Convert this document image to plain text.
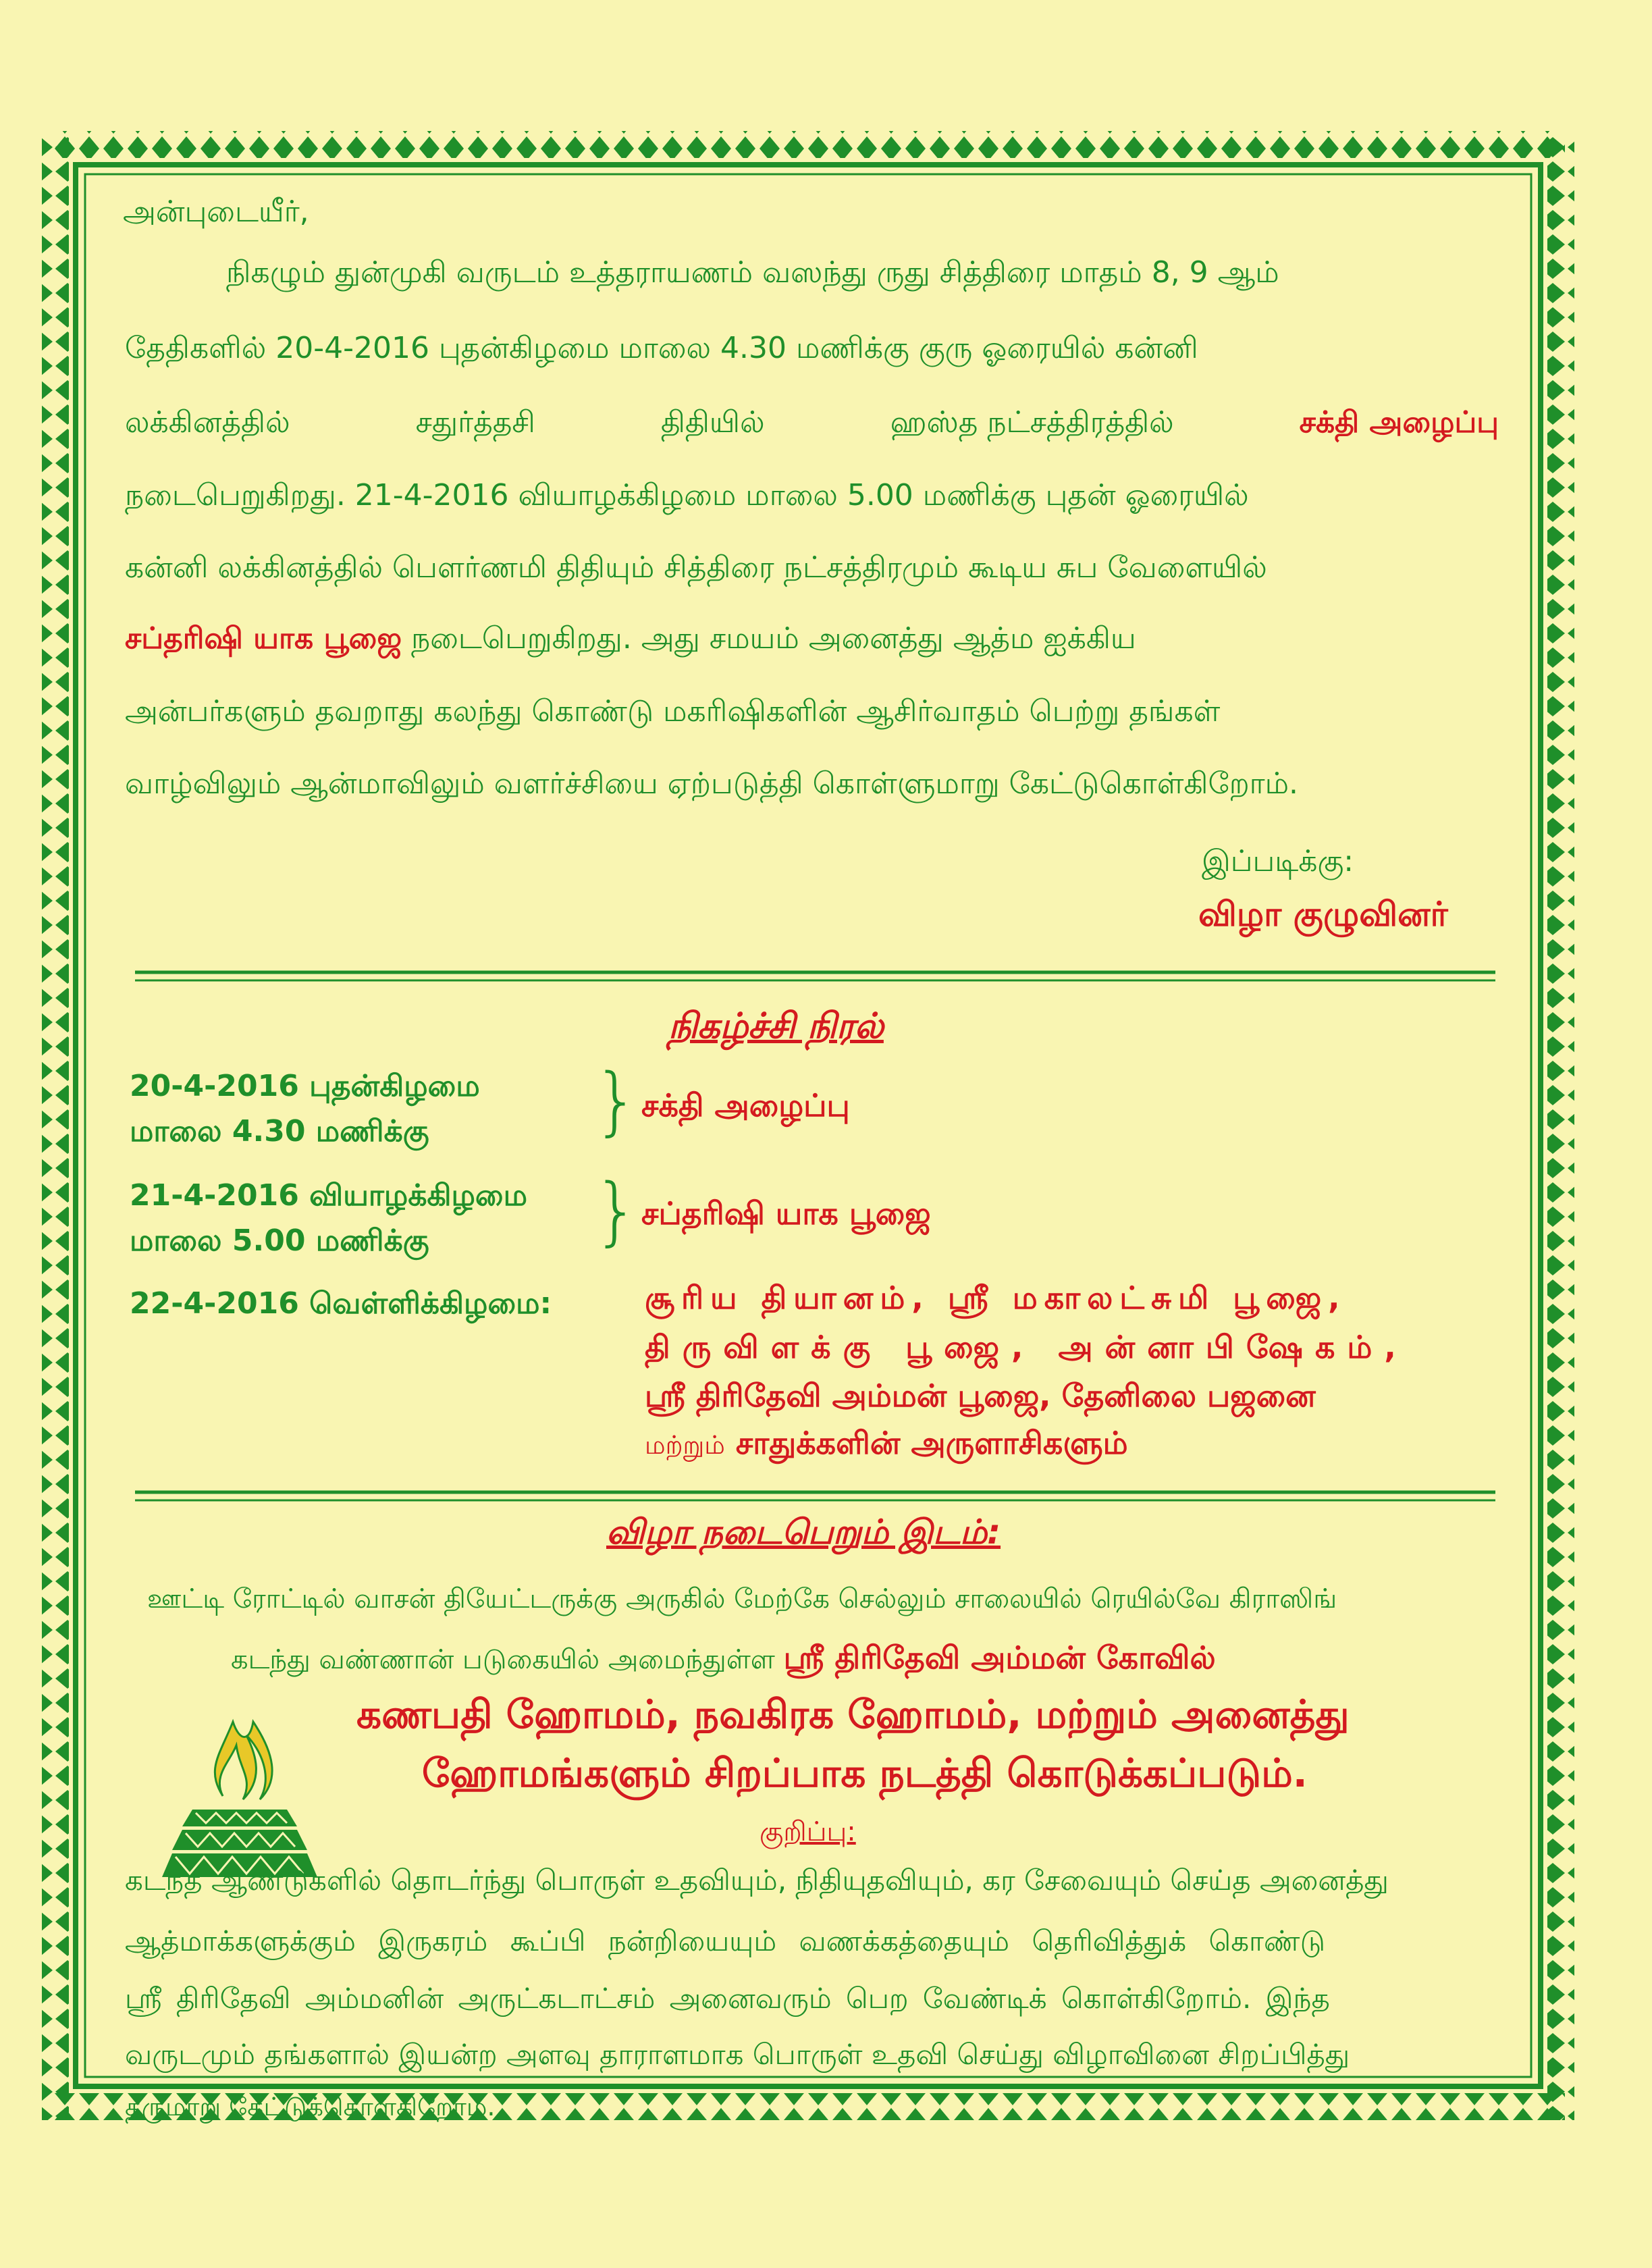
அன்புடையீர்,
நிகழும் துன்முகி வருடம் உத்தராயணம் வஸந்து ருது சித்திரை மாதம் 8, 9 ஆம்
தேதிகளில் 20-4-2016 புதன்கிழமை மாலை 4.30 மணிக்கு குரு ஓரையில் கன்னி
லக்கினத்தில்	சதுர்த்தசி	திதியில்	ஹஸ்த நட்சத்திரத்தில்	சக்தி அழைப்பு
நடைபெறுகிறது. 21-4-2016 வியாழக்கிழமை மாலை 5.00 மணிக்கு புதன் ஓரையில்
கன்னி லக்கினத்தில் பௌர்ணமி திதியும் சித்திரை நட்சத்திரமும் கூடிய சுப வேளையில்
சப்தரிஷி யாக பூஜை நடைபெறுகிறது. அது சமயம் அனைத்து ஆத்ம ஐக்கிய
அன்பர்களும் தவறாது கலந்து கொண்டு மகரிஷிகளின் ஆசிர்வாதம் பெற்று தங்கள்
வாழ்விலும் ஆன்மாவிலும் வளர்ச்சியை ஏற்படுத்தி கொள்ளுமாறு கேட்டுகொள்கிறோம்.
இப்படிக்கு:
விழா குழுவினர்
நிகழ்ச்சி நிரல்
20-4-2016 புதன்கிழமை
மாலை 4.30 மணிக்கு } சக்தி அழைப்பு
21-4-2016 வியாழக்கிழமை
மாலை 5.00 மணிக்கு } சப்தரிஷி யாக பூஜை
22-4-2016 வெள்ளிக்கிழமை:	சூரிய தியானம், ஸ்ரீ மகாலட்சுமி பூஜை,
திருவிளக்கு பூஜை, அன்னாபிஷேகம்,
ஸ்ரீ திரிதேவி அம்மன் பூஜை, தேனிலை பஜனை
மற்றும் சாதுக்களின் அருளாசிகளும்
விழா நடைபெறும் இடம்:
ஊட்டி ரோட்டில் வாசன் தியேட்டருக்கு அருகில் மேற்கே செல்லும் சாலையில் ரெயில்வே கிராஸிங்
கடந்து வண்ணான் படுகையில் அமைந்துள்ள ஸ்ரீ திரிதேவி அம்மன் கோவில்
கணபதி ஹோமம், நவகிரக ஹோமம், மற்றும் அனைத்து
ஹோமங்களும் சிறப்பாக நடத்தி கொடுக்கப்படும்.
குறிப்பு:
கடந்த ஆண்டுகளில் தொடர்ந்து பொருள் உதவியும், நிதியுதவியும், கர சேவையும் செய்த அனைத்து
ஆத்மாக்களுக்கும் இருகரம் கூப்பி நன்றியையும் வணக்கத்தையும் தெரிவித்துக் கொண்டு
ஸ்ரீ திரிதேவி அம்மனின் அருட்கடாட்சம் அனைவரும் பெற வேண்டிக் கொள்கிறோம். இந்த
வருடமும் தங்களால் இயன்ற அளவு தாராளமாக பொருள் உதவி செய்து விழாவினை சிறப்பித்து
தருமாறு கேட்டுக்கொள்கிறோம்.
